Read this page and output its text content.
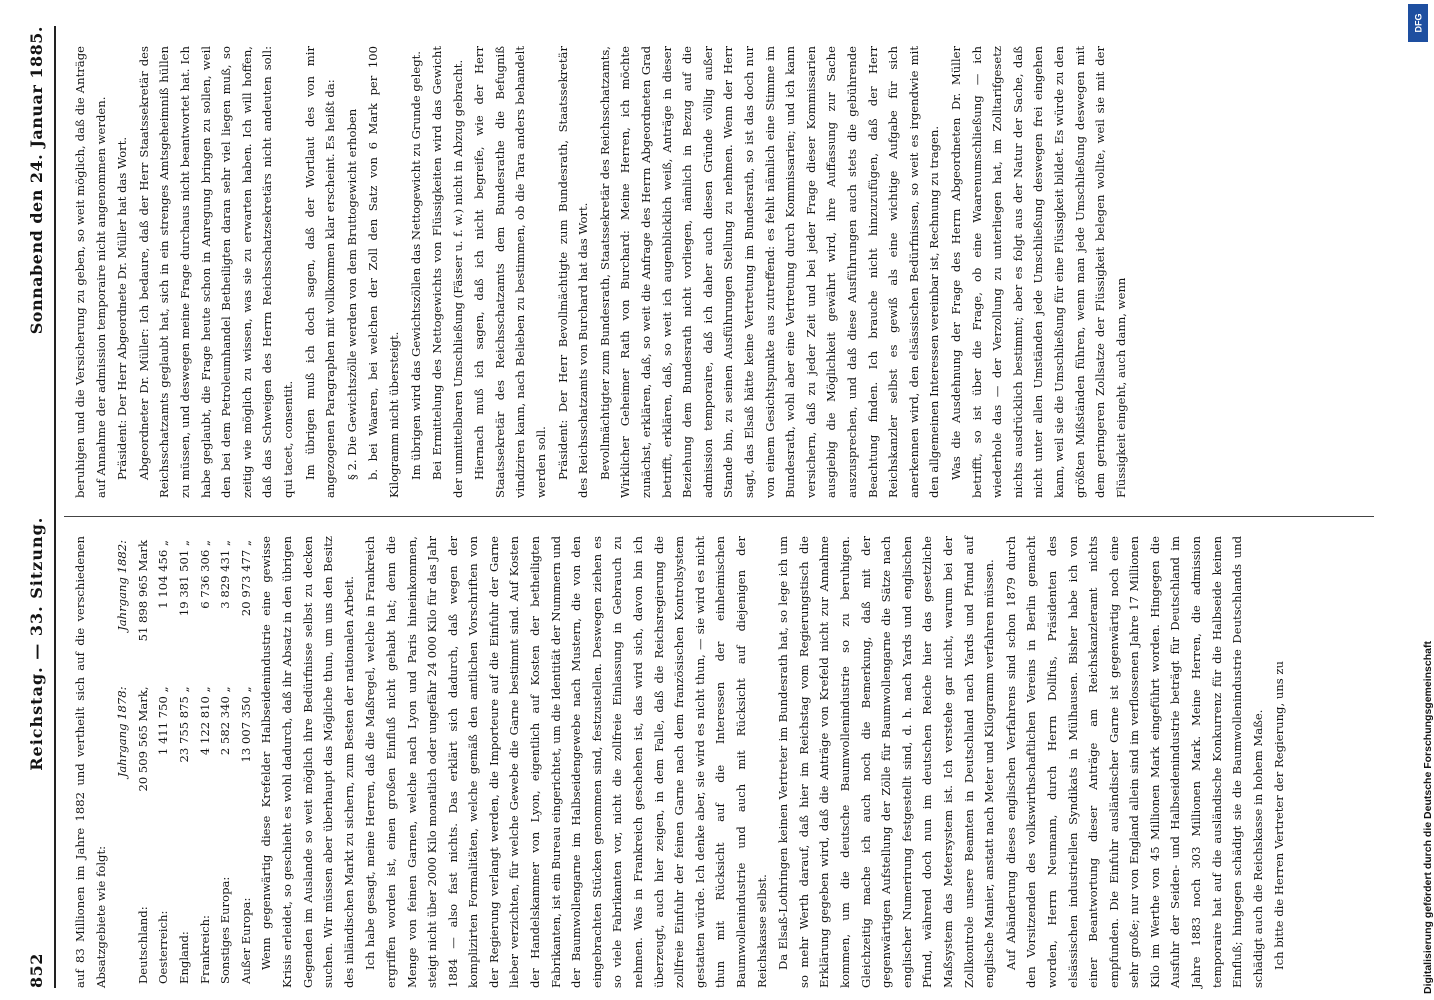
852
Reichstag. — 33. Sitzung.
Sonnabend den 24. Januar 1885.

auf 83 Millionen im Jahre 1882 und vertheilt sich auf die verschiedenen Absatzgebiete wie folgt:

	Jahrgang 1878:	Jahrgang 1882:
Deutschland:	20 509 565 Mark,	51 898 965 Mark
Oesterreich:	1 411 750 „	1 104 456 „
England:	23 755 875 „	19 381 501 „
Frankreich:	4 122 810 „	6 736 306 „
Sonstiges Europa:	2 582 340 „	3 829 431 „
Außer Europa:	13 007 350 „	20 973 477 „ Wenn gegenwärtig diese Krefelder Halbseidenindustrie eine gewisse Krisis erleidet, so geschieht es wohl dadurch, daß ihr Absatz in den übrigen Gegenden im Auslande so weit möglich ihre Bedürfnisse selbst zu decken suchen. Wir müssen aber überhaupt das Mögliche thun, um uns den Besitz des inländischen Markt zu sichern, zum Besten der nationalen Arbeit. Ich habe gesagt, meine Herren, daß die Maßregel, welche in Frankreich ergriffen worden ist, einen großen Einfluß nicht gehabt hat; denn die Menge von feinen Garnen, welche nach Lyon und Paris hineinkommen, steigt nicht über 2000 Kilo monatlich oder ungefähr 24 000 Kilo für das Jahr 1884 — also fast nichts. Das erklärt sich dadurch, daß wegen der komplizirten Formalitäten, welche gemäß den amtlichen Vorschriften von der Regierung verlangt werden, die Importeure auf die Einfuhr der Garne lieber verzichten, für welche Gewebe die Garne bestimmt sind. Auf Kosten der Handelskammer von Lyon, eigentlich auf Kosten der betheiligten Fabrikanten, ist ein Bureau eingerichtet, um die Identität der Nummern und der Baumwollengarne im Halbseidengewebe nach Mustern, die von den eingebrachten Stücken genommen sind, festzustellen. Deswegen ziehen es so viele Fabrikanten vor, nicht die zollfreie Einlassung in Gebrauch zu nehmen. Was in Frankreich geschehen ist, das wird sich, davon bin ich überzeugt, auch hier zeigen, in dem Falle, daß die Reichsregierung die zollfreie Einfuhr der feinen Garne nach dem französischen Kontrolsystem gestatten würde. Ich denke aber, sie wird es nicht thun, — sie wird es nicht thun mit Rücksicht auf die Interessen der einheimischen Baumwollenindustrie und auch mit Rücksicht auf diejenigen der Reichskasse selbst. Da Elsaß-Lothringen keinen Vertreter im Bundesrath hat, so lege ich um so mehr Werth darauf, daß hier im Reichstag vom Regierungstisch die Erklärung gegeben wird, daß die Anträge von Krefeld nicht zur Annahme kommen, um die deutsche Baumwollenindustrie so zu beruhigen. Gleichzeitig mache ich auch noch die Bemerkung, daß mit der gegenwärtigen Aufstellung der Zölle für Baumwollengarne die Sätze nach englischer Numerirung festgestellt sind, d. h. nach Yards und englischen Pfund, während doch nun im deutschen Reiche hier das gesetzliche Maßsystem das Metersystem ist. Ich verstehe gar nicht, warum bei der Zollkontrole unsere Beamten in Deutschland nach Yards und Pfund auf englische Manier, anstatt nach Meter und Kilogramm verfahren müssen. Auf Abänderung dieses englischen Verfahrens sind schon 1879 durch den Vorsitzenden des volkswirthschaftlichen Vereins in Berlin gemacht worden, Herrn Neumann, durch Herrn Dollfus, Präsidenten des elsässischen industriellen Syndikats in Mülhausen. Bisher habe ich von einer Beantwortung dieser Anträge am Reichskanzleramt nichts empfunden. Die Einfuhr ausländischer Garne ist gegenwärtig noch eine sehr große; nur von England allein sind im verflossenen Jahre 17 Millionen Kilo im Werthe von 45 Millionen Mark eingeführt worden. Hingegen die Ausfuhr der Seiden- und Halbseidenindustrie beträgt für Deutschland im Jahre 1883 noch 303 Millionen Mark. Meine Herren, die admission temporaire hat auf die ausländische Konkurrenz für die Halbseide keinen Einfluß; hingegen schädigt sie die Baumwollenindustrie Deutschlands und schädigt auch die Reichskasse in hohem Maße. Ich bitte die Herren Vertreter der Regierung, uns zu

beruhigen und die Versicherung zu geben, so weit möglich, daß die Anträge auf Annahme der admission temporaire nicht angenommen werden. Präsident: Der Herr Abgeordnete Dr. Müller hat das Wort. Abgeordneter Dr. Müller: Ich bedaure, daß der Herr Staatssekretär des Reichsschatzamts geglaubt hat, sich in ein strenges Amtsgeheimniß hüllen zu müssen, und deswegen meine Frage durchaus nicht beantwortet hat. Ich habe geglaubt, die Frage heute schon in Anregung bringen zu sollen, weil den bei dem Petroleumhandel Betheiligten daran sehr viel liegen muß, so zeitig wie möglich zu wissen, was sie zu erwarten haben. Ich will hoffen, daß das Schweigen des Herrn Reichsschatzsekretärs nicht andeuten soll: qui tacet, consentit. Im übrigen muß ich doch sagen, daß der Wortlaut des von mir angezogenen Paragraphen mit vollkommen klar erscheint. Es heißt da: § 2. Die Gewichtszölle werden von dem Bruttogewicht erhoben b. bei Waaren, bei welchen der Zoll den Satz von 6 Mark per 100 Kilogramm nicht übersteigt. Im übrigen wird das Gewichtszöllen das Nettogewicht zu Grunde gelegt. Bei Ermittelung des Nettogewichts von Flüssigkeiten wird das Gewicht der unmittelbaren Umschließung (Fässer u. f. w.) nicht in Abzug gebracht. Hiernach muß ich sagen, daß ich nicht begreife, wie der Herr Staatssekretär des Reichsschatzamts dem Bundesrathe die Befugniß vindiziren kann, nach Belieben zu bestimmen, ob die Tara anders behandelt werden soll. Präsident: Der Herr Bevollmächtigte zum Bundesrath, Staatssekretär des Reichsschatzamts von Burchard hat das Wort. Bevollmächtigter zum Bundesrath, Staatssekretär des Reichsschatzamts, Wirklicher Geheimer Rath von Burchard: Meine Herren, ich möchte zunächst, erklären, daß, so weit die Anfrage des Herrn Abgeordneten Grad betrifft, erklären, daß, so weit ich augenblicklich weiß, Anträge in dieser Beziehung dem Bundesrath nicht vorliegen, nämlich in Bezug auf die admission temporaire, daß ich daher auch diesen Gründe völlig außer Stande bin, zu seinen Ausführungen Stellung zu nehmen. Wenn der Herr sagt, das Elsaß hätte keine Vertretung im Bundesrath, so ist das doch nur von einem Gesichtspunkte aus zutreffend: es fehlt nämlich eine Stimme im Bundesrath, wohl aber eine Vertretung durch Kommissarien; und ich kann versichern, daß zu jeder Zeit und bei jeder Frage dieser Kommissarien ausgiebig die Möglichkeit gewährt wird, ihre Auffassung zur Sache auszusprechen, und daß diese Ausführungen auch stets die gebührende Beachtung finden. Ich brauche nicht hinzuzufügen, daß der Herr Reichskanzler selbst es gewiß als eine wichtige Aufgabe für sich anerkennen wird, den elsässischen Bedürfnissen, so weit es irgendwie mit den allgemeinen Interessen vereinbar ist, Rechnung zu tragen. Was die Ausdehnung der Frage des Herrn Abgeordneten Dr. Müller betrifft, so ist über die Frage, ob eine Waarenumschließung — ich wiederhole das — der Verzollung zu unterliegen hat, im Zolltarifgesetz nichts ausdrücklich bestimmt; aber es folgt aus der Natur der Sache, daß nicht unter allen Umständen jede Umschließung deswegen frei eingehen kann, weil sie die Umschließung für eine Flüssigkeit bildet. Es würde zu den größten Mißständen führen, wenn man jede Umschließung deswegen mit dem geringeren Zollsatze der Flüssigkeit belegen wollte, weil sie mit der Flüssigkeit eingeht, auch dann, wenn

Digitalisierung gefördert durch die Deutsche Forschungsgemeinschaft
DFG
